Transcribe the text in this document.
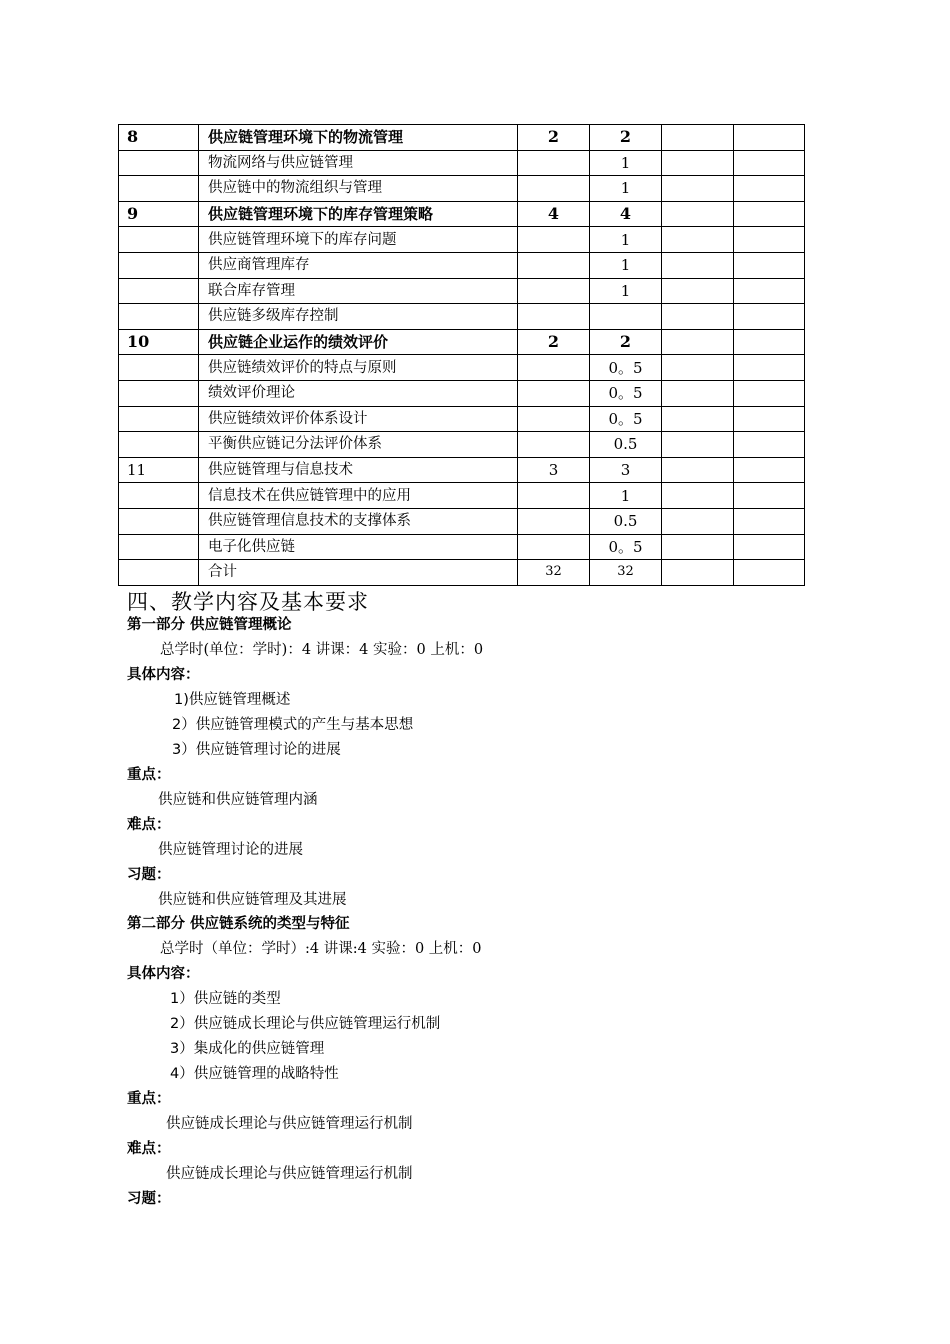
8	供应链管理环境下的物流管理	2	2		
	物流网络与供应链管理		1		
	供应链中的物流组织与管理		1		
9	供应链管理环境下的库存管理策略	4	4		
	供应链管理环境下的库存问题		1		
	供应商管理库存		1		
	联合库存管理		1		
	供应链多级库存控制				
10	供应链企业运作的绩效评价	2	2		
	供应链绩效评价的特点与原则		0。5		
	绩效评价理论		0。5		
	供应链绩效评价体系设计		0。5		
	平衡供应链记分法评价体系		0.5		
11	供应链管理与信息技术	3	3		
	信息技术在供应链管理中的应用		1		
	供应链管理信息技术的支撑体系		0.5		
	电子化供应链		0。5		
	合计	32	32		
四、教学内容及基本要求
第一部分 供应链管理概论
总学时(单位：学时)：4 讲课：4 实验：0 上机：0
具体内容：
1)供应链管理概述
2）供应链管理模式的产生与基本思想
3）供应链管理讨论的进展
重点：
供应链和供应链管理内涵
难点：
供应链管理讨论的进展
习题：
供应链和供应链管理及其进展
第二部分 供应链系统的类型与特征
总学时（单位：学时）:4 讲课:4 实验：0 上机：0
具体内容：
1）供应链的类型
2）供应链成长理论与供应链管理运行机制
3）集成化的供应链管理
4）供应链管理的战略特性
重点：
供应链成长理论与供应链管理运行机制
难点：
供应链成长理论与供应链管理运行机制
习题：
